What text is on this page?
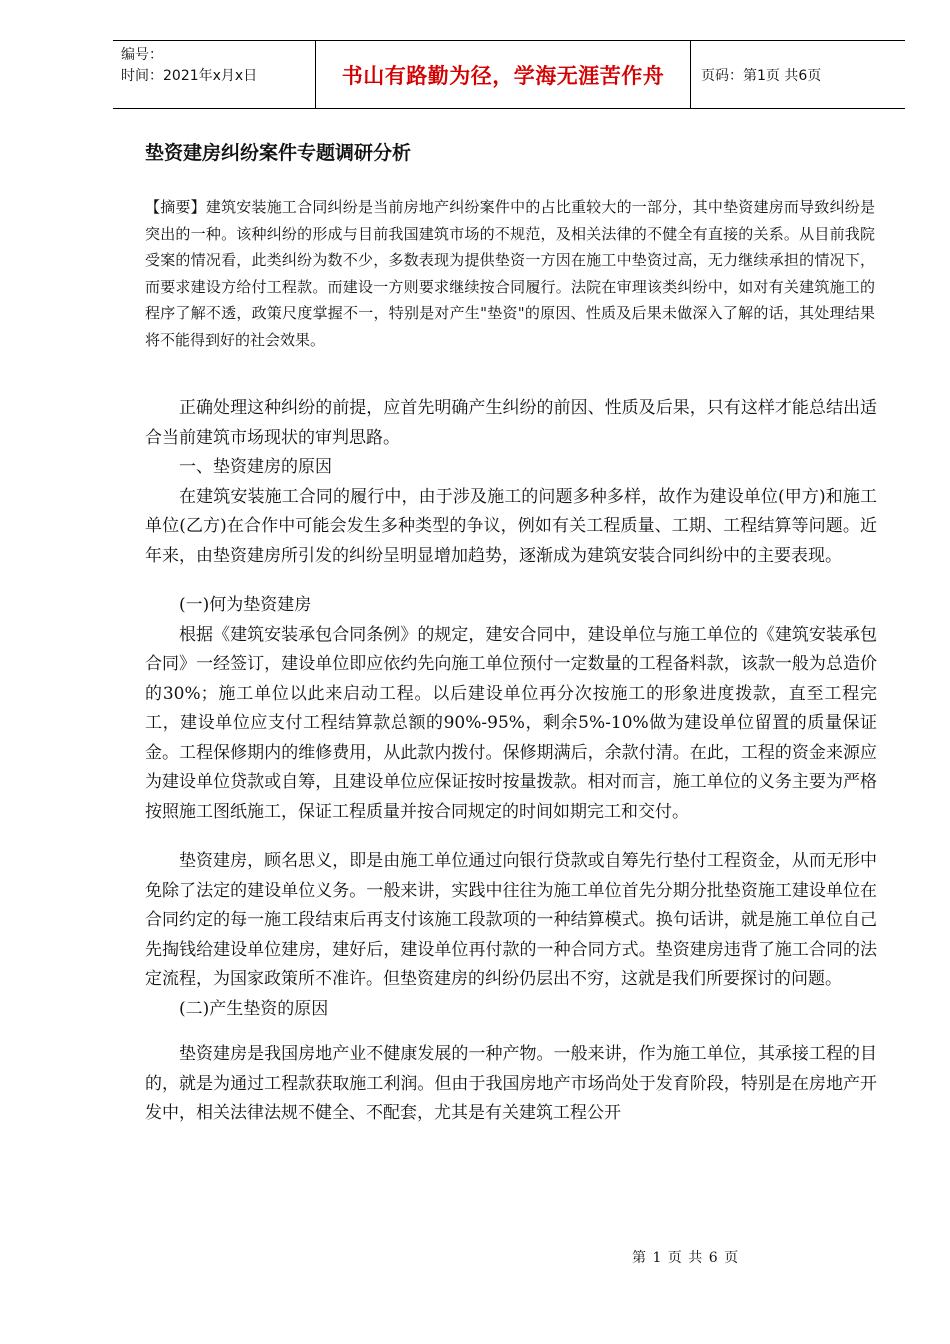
编号：
时间：2021年x月x日	书山有路勤为径，学海无涯苦作舟	页码：第1页 共6页
垫资建房纠纷案件专题调研分析
【摘要】建筑安装施工合同纠纷是当前房地产纠纷案件中的占比重较大的一部分，其中垫资建房而导致纠纷是突出的一种。该种纠纷的形成与目前我国建筑市场的不规范，及相关法律的不健全有直接的关系。从目前我院受案的情况看，此类纠纷为数不少，多数表现为提供垫资一方因在施工中垫资过高，无力继续承担的情况下，而要求建设方给付工程款。而建设一方则要求继续按合同履行。法院在审理该类纠纷中，如对有关建筑施工的程序了解不透，政策尺度掌握不一，特别是对产生"垫资"的原因、性质及后果未做深入了解的话，其处理结果将不能得到好的社会效果。

正确处理这种纠纷的前提，应首先明确产生纠纷的前因、性质及后果，只有这样才能总结出适合当前建筑市场现状的审判思路。

一、垫资建房的原因

在建筑安装施工合同的履行中，由于涉及施工的问题多种多样，故作为建设单位(甲方)和施工单位(乙方)在合作中可能会发生多种类型的争议，例如有关工程质量、工期、工程结算等问题。近年来，由垫资建房所引发的纠纷呈明显增加趋势，逐渐成为建筑安装合同纠纷中的主要表现。

(一)何为垫资建房

根据《建筑安装承包合同条例》的规定，建安合同中，建设单位与施工单位的《建筑安装承包合同》一经签订，建设单位即应依约先向施工单位预付一定数量的工程备料款，该款一般为总造价的30%；施工单位以此来启动工程。以后建设单位再分次按施工的形象进度拨款，直至工程完工，建设单位应支付工程结算款总额的90%-95%，剩余5%-10%做为建设单位留置的质量保证金。工程保修期内的维修费用，从此款内拨付。保修期满后，余款付清。在此，工程的资金来源应为建设单位贷款或自筹，且建设单位应保证按时按量拨款。相对而言，施工单位的义务主要为严格按照施工图纸施工，保证工程质量并按合同规定的时间如期完工和交付。

垫资建房，顾名思义，即是由施工单位通过向银行贷款或自筹先行垫付工程资金，从而无形中免除了法定的建设单位义务。一般来讲，实践中往往为施工单位首先分期分批垫资施工建设单位在合同约定的每一施工段结束后再支付该施工段款项的一种结算模式。换句话讲，就是施工单位自己先掏钱给建设单位建房，建好后，建设单位再付款的一种合同方式。垫资建房违背了施工合同的法定流程，为国家政策所不准许。但垫资建房的纠纷仍层出不穷，这就是我们所要探讨的问题。

(二)产生垫资的原因

垫资建房是我国房地产业不健康发展的一种产物。一般来讲，作为施工单位，其承接工程的目的，就是为通过工程款获取施工利润。但由于我国房地产市场尚处于发育阶段，特别是在房地产开发中，相关法律法规不健全、不配套，尤其是有关建筑工程公开

第 1 页 共 6 页
